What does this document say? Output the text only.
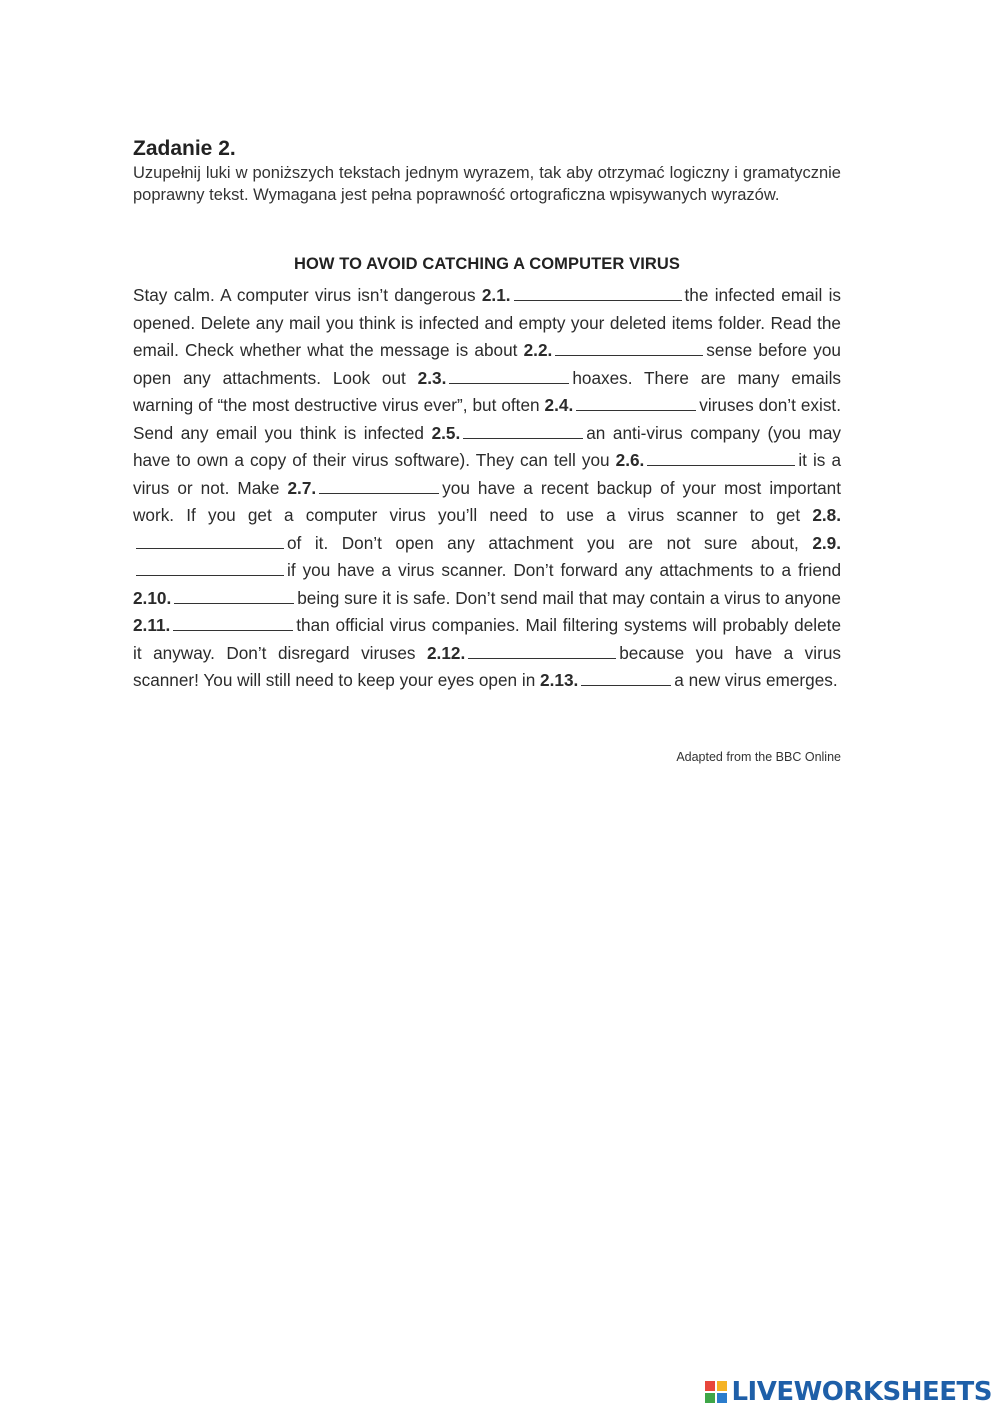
Zadanie 2.

Uzupełnij luki w poniższych tekstach jednym wyrazem, tak aby otrzymać logiczny i gramatycznie poprawny tekst. Wymagana jest pełna poprawność ortograficzna wpisywanych wyrazów.

HOW TO AVOID CATCHING A COMPUTER VIRUS

Stay calm. A computer virus isn’t dangerous 2.1.	the infected email is opened. Delete any mail you think is infected and empty your deleted items folder. Read the email. Check whether what the message is about 2.2.	sense before you open any attachments. Look out 2.3.	hoaxes. There are many emails warning of “the most destructive virus ever”, but often 2.4.	viruses don’t exist. Send any email you think is infected 2.5.	an anti-virus company (you may have to own a copy of their virus software). They can tell you 2.6.	it is a virus or not. Make 2.7.	you have a recent backup of your most important work. If you get a computer virus you’ll need to use a virus scanner to get 2.8.of it. Don’t open any attachment you are not sure about, 2.9.if you have a virus scanner. Don’t forward any attachments to a friend 2.10.	being sure it is safe. Don’t send mail that may contain a virus to anyone 2.11.	than official virus companies. Mail filtering systems will probably delete it anyway. Don’t disregard viruses 2.12.	because you have a virus scanner! You will still need to keep your eyes open in 2.13.	a new virus emerges.

Adapted from the BBC Online

LIVEWORKSHEETS
